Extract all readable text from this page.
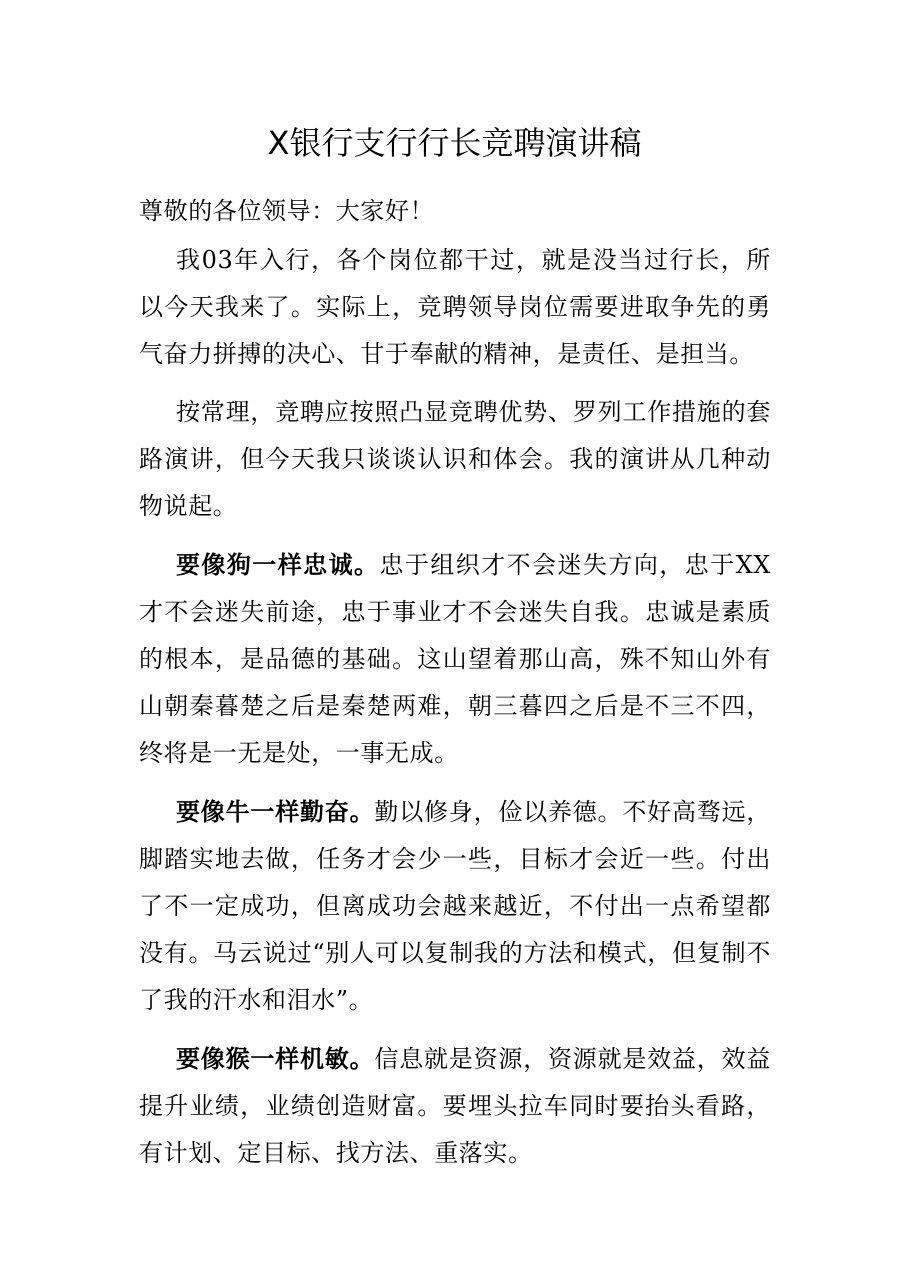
X银行支行行长竞聘演讲稿

尊敬的各位领导：大家好！

我03年入行，各个岗位都干过，就是没当过行长，所以今天我来了。实际上，竞聘领导岗位需要进取争先的勇气奋力拼搏的决心、甘于奉献的精神，是责任、是担当。

按常理，竞聘应按照凸显竞聘优势、罗列工作措施的套路演讲，但今天我只谈谈认识和体会。我的演讲从几种动物说起。

要像狗一样忠诚。忠于组织才不会迷失方向，忠于XX才不会迷失前途，忠于事业才不会迷失自我。忠诚是素质的根本，是品德的基础。这山望着那山高，殊不知山外有山朝秦暮楚之后是秦楚两难，朝三暮四之后是不三不四，终将是一无是处，一事无成。

要像牛一样勤奋。勤以修身，俭以养德。不好高骛远，脚踏实地去做，任务才会少一些，目标才会近一些。付出了不一定成功，但离成功会越来越近，不付出一点希望都没有。马云说过“别人可以复制我的方法和模式，但复制不了我的汗水和泪水”。

要像猴一样机敏。信息就是资源，资源就是效益，效益提升业绩，业绩创造财富。要埋头拉车同时要抬头看路，有计划、定目标、找方法、重落实。
